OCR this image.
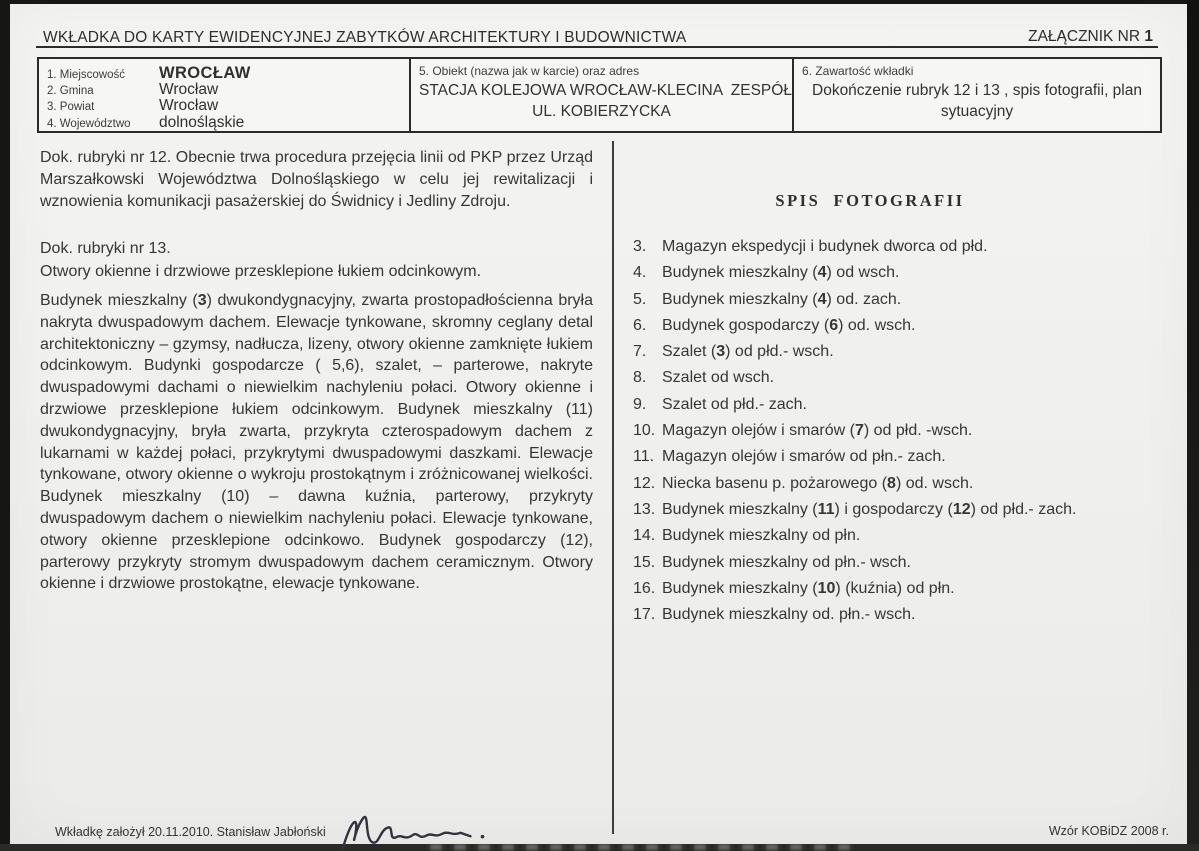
WKŁADKA DO KARTY EWIDENCYJNEJ ZABYTKÓW ARCHITEKTURY I BUDOWNICTWA	ZAŁĄCZNIK NR 1
1. Miejscowość	WROCŁAW
2. Gmina	Wrocław
3. Powiat	Wrocław
4. Województwo	dolnośląskie
5. Obiekt (nazwa jak w karcie) oraz adres
STACJA KOLEJOWA WROCŁAW-KLECINA  ZESPÓŁ
UL. KOBIERZYCKA
6. Zawartość wkładki
Dokończenie rubryk 12 i 13 , spis fotografii, plan sytuacyjny

Dok. rubryki nr 12. Obecnie trwa procedura przejęcia linii od PKP przez Urząd Marszałkowski Województwa Dolnośląskiego w celu jej rewitalizacji i wznowienia komunikacji pasażerskiej do Świdnicy i Jedliny Zdroju.

Dok. rubryki nr 13.

Otwory okienne i drzwiowe przesklepione łukiem odcinkowym.

Budynek mieszkalny (3) dwukondygnacyjny, zwarta prostopadłościenna bryła nakryta dwuspadowym dachem. Elewacje tynkowane, skromny ceglany detal architektoniczny – gzymsy, nadłucza, lizeny, otwory okienne zamknięte łukiem odcinkowym. Budynki gospodarcze ( 5,6), szalet, – parterowe, nakryte dwuspadowymi dachami o niewielkim nachyleniu połaci. Otwory okienne i drzwiowe przesklepione łukiem odcinkowym. Budynek mieszkalny (11) dwukondygnacyjny, bryła zwarta, przykryta czterospadowym dachem z lukarnami w każdej połaci, przykrytymi dwuspadowymi daszkami. Elewacje tynkowane, otwory okienne o wykroju prostokątnym i zróżnicowanej wielkości. Budynek mieszkalny (10) – dawna kuźnia, parterowy, przykryty dwuspadowym dachem o niewielkim nachyleniu połaci. Elewacje tynkowane, otwory okienne przesklepione odcinkowo. Budynek gospodarczy (12), parterowy przykryty stromym dwuspadowym dachem ceramicznym. Otwory okienne i drzwiowe prostokątne, elewacje tynkowane.

SPIS  FOTOGRAFII
3. Magazyn ekspedycji i budynek dworca od płd.
4. Budynek mieszkalny (4) od wsch.
5. Budynek mieszkalny (4) od. zach.
6. Budynek gospodarczy (6) od. wsch.
7. Szalet (3) od płd.- wsch.
8. Szalet od wsch.
9. Szalet od płd.- zach.
10. Magazyn olejów i smarów (7) od płd. -wsch.
11. Magazyn olejów i smarów od płn.- zach.
12. Niecka basenu p. pożarowego (8) od. wsch.
13. Budynek mieszkalny (11) i gospodarczy (12) od płd.- zach.
14. Budynek mieszkalny od płn.
15. Budynek mieszkalny od płn.- wsch.
16. Budynek mieszkalny (10) (kuźnia) od płn.
17. Budynek mieszkalny od. płn.- wsch.
Wkładkę założył 20.11.2010. Stanisław Jabłoński	Wzór KOBiDZ 2008 r.
